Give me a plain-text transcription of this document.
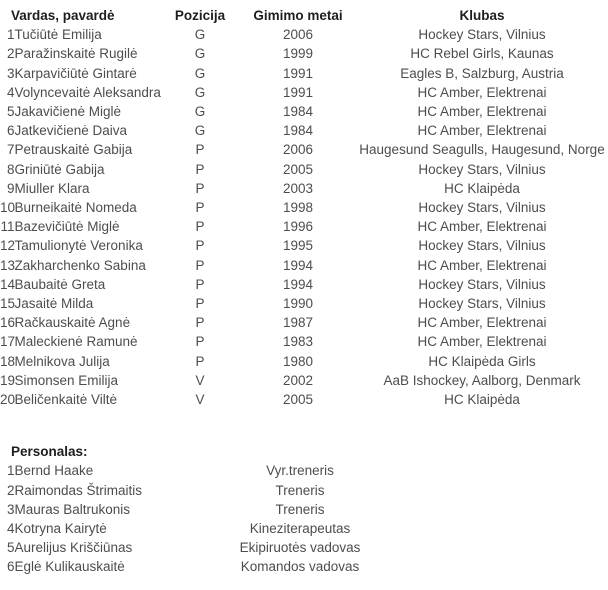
Vardas, pavardė	Pozicija	Gimimo metai	Klubas
1Tučiūtė Emilija	G	2006	Hockey Stars, Vilnius
2Paražinskaitė Rugilė	G	1999	HC Rebel Girls, Kaunas
3Karpavičiūtė Gintarė	G	1991	Eagles B, Salzburg, Austria
4Volyncevaitė Aleksandra	G	1991	HC Amber, Elektrenai
5Jakavičienė Miglė	G	1984	HC Amber, Elektrenai
6Jatkevičienė Daiva	G	1984	HC Amber, Elektrenai
7Petrauskaitė Gabija	P	2006	Haugesund Seagulls, Haugesund, Norge
8Griniūtė Gabija	P	2005	Hockey Stars, Vilnius
9Miuller Klara	P	2003	HC Klaipėda
10Burneikaitė Nomeda	P	1998	Hockey Stars, Vilnius
11Bazevičiūtė Miglė	P	1996	HC Amber, Elektrenai
12Tamulionytė Veronika	P	1995	Hockey Stars, Vilnius
13Zakharchenko Sabina	P	1994	HC Amber, Elektrenai
14Baubaitė Greta	P	1994	Hockey Stars, Vilnius
15Jasaitė Milda	P	1990	Hockey Stars, Vilnius
16Račkauskaitė Agnė	P	1987	HC Amber, Elektrenai
17Maleckienė Ramunė	P	1983	HC Amber, Elektrenai
18Melnikova Julija	P	1980	HC Klaipėda Girls
19Simonsen Emilija	V	2002	AaB Ishockey, Aalborg, Denmark
20Beličenkaitė Viltė	V	2005	HC Klaipėda
Personalas:		
1Bernd Haake	Vyr.treneris	
2Raimondas Štrimaitis	Treneris	
3Mauras Baltrukonis	Treneris	
4Kotryna Kairytė	Kineziterapeutas	
5Aurelijus Kriščiūnas	Ekipiruotės vadovas	
6Eglė Kulikauskaitė	Komandos vadovas	
